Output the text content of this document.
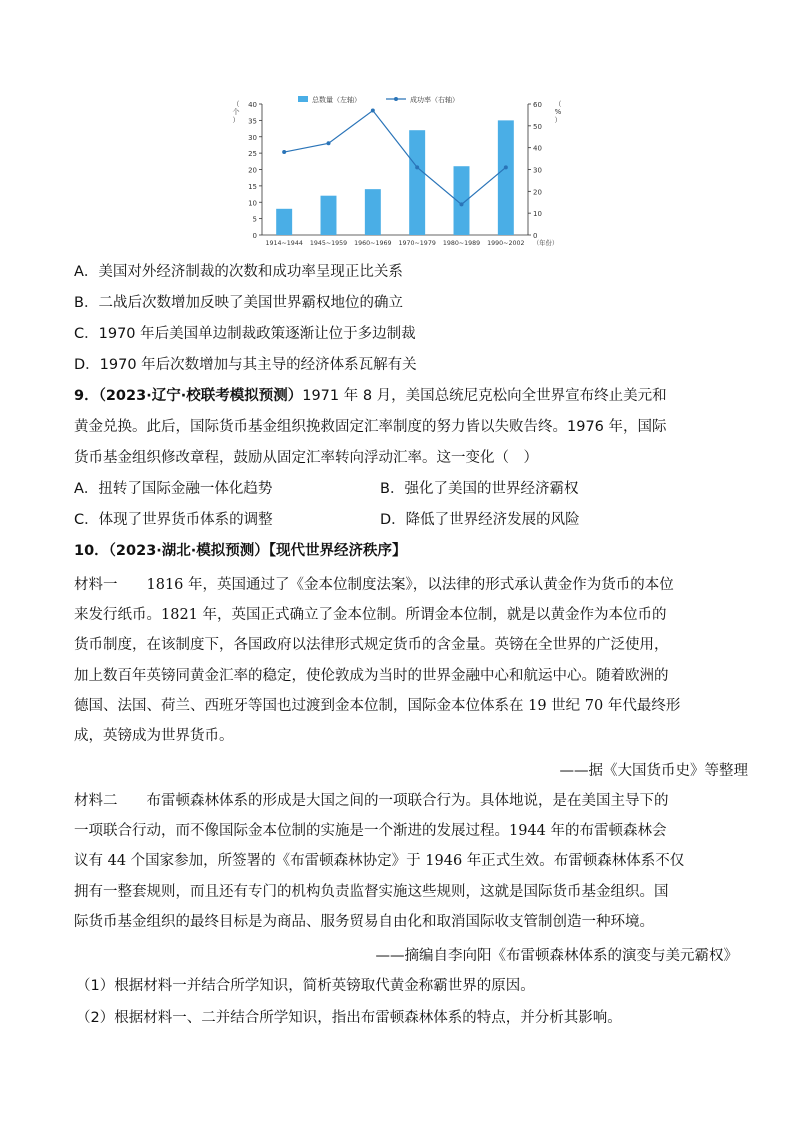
0
5
10
15
20
25
30
35
40
0
10
20
30
40
50
60
（
个
）
（
%
）
1914~1944 1945~1959 1960~1969 1970~1979 1980~1989 1990~2002 （年份）
总数量（左轴）	成功率（右轴）
A．美国对外经济制裁的次数和成功率呈现正比关系
B．二战后次数增加反映了美国世界霸权地位的确立
C．1970 年后美国单边制裁政策逐渐让位于多边制裁
D．1970 年后次数增加与其主导的经济体系瓦解有关
9．（2023·辽宁·校联考模拟预测）1971 年 8 月，美国总统尼克松向全世界宣布终止美元和
黄金兑换。此后，国际货币基金组织挽救固定汇率制度的努力皆以失败告终。1976 年，国际
货币基金组织修改章程，鼓励从固定汇率转向浮动汇率。这一变化（　）
A．扭转了国际金融一体化趋势	B．强化了美国的世界经济霸权
C．体现了世界货币体系的调整	D．降低了世界经济发展的风险
10．（2023·湖北·模拟预测）【现代世界经济秩序】
材料一　　1816 年，英国通过了《金本位制度法案》，以法律的形式承认黄金作为货币的本位
来发行纸币。1821 年，英国正式确立了金本位制。所谓金本位制，就是以黄金作为本位币的
货币制度，在该制度下，各国政府以法律形式规定货币的含金量。英镑在全世界的广泛使用，
加上数百年英镑同黄金汇率的稳定，使伦敦成为当时的世界金融中心和航运中心。随着欧洲的
德国、法国、荷兰、西班牙等国也过渡到金本位制，国际金本位体系在 19 世纪 70 年代最终形
成，英镑成为世界货币。
——据《大国货币史》等整理
材料二　　布雷顿森林体系的形成是大国之间的一项联合行为。具体地说，是在美国主导下的
一项联合行动，而不像国际金本位制的实施是一个渐进的发展过程。1944 年的布雷顿森林会
议有 44 个国家参加，所签署的《布雷顿森林协定》于 1946 年正式生效。布雷顿森林体系不仅
拥有一整套规则，而且还有专门的机构负责监督实施这些规则，这就是国际货币基金组织。国
际货币基金组织的最终目标是为商品、服务贸易自由化和取消国际收支管制创造一种环境。
——摘编自李向阳《布雷顿森林体系的演变与美元霸权》
（1）根据材料一并结合所学知识，简析英镑取代黄金称霸世界的原因。
（2）根据材料一、二并结合所学知识，指出布雷顿森林体系的特点，并分析其影响。
